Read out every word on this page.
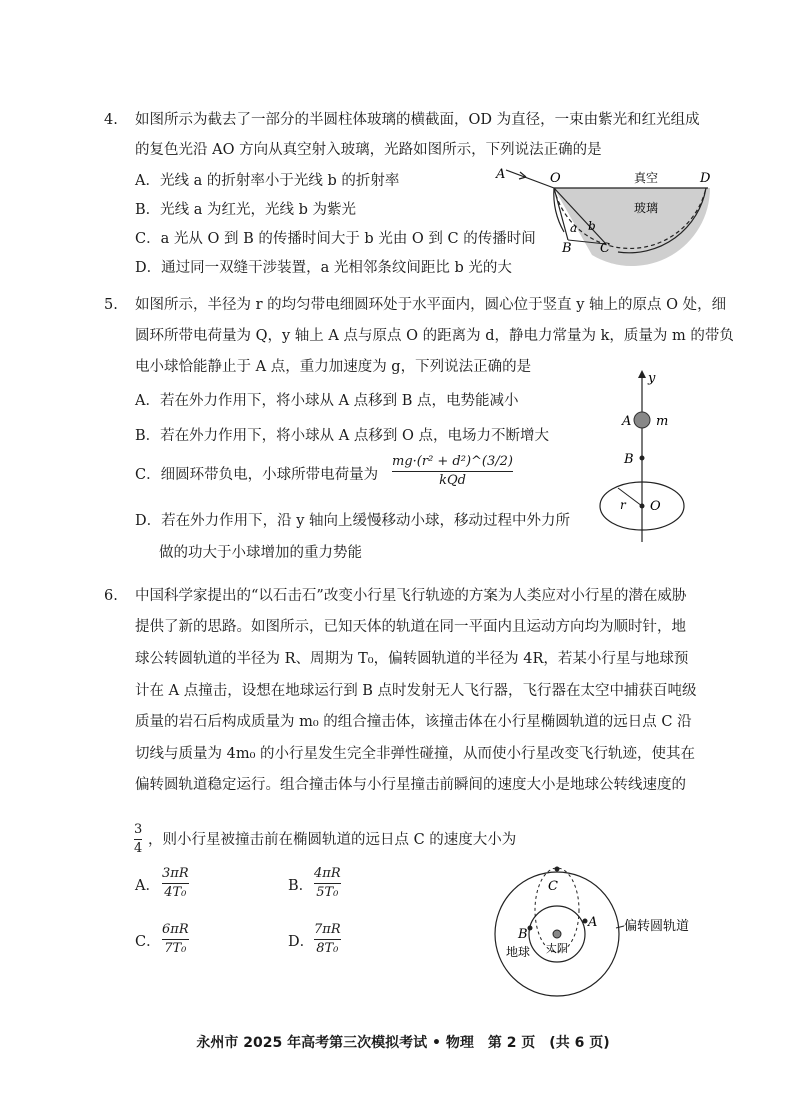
4. 如图所示为截去了一部分的半圆柱体玻璃的横截面，OD 为直径，一束由紫光和红光组成
的复色光沿 AO 方向从真空射入玻璃，光路如图所示，下列说法正确的是
A．光线 a 的折射率小于光线 b 的折射率
B．光线 a 为红光，光线 b 为紫光
C．a 光从 O 到 B 的传播时间大于 b 光由 O 到 C 的传播时间
D．通过同一双缝干涉装置，a 光相邻条纹间距比 b 光的大
A	O	D
真空
玻璃
a b
B C
5. 如图所示，半径为 r 的均匀带电细圆环处于水平面内，圆心位于竖直 y 轴上的原点 O 处，细
圆环所带电荷量为 Q，y 轴上 A 点与原点 O 的距离为 d，静电力常量为 k，质量为 m 的带负
电小球恰能静止于 A 点，重力加速度为 g，下列说法正确的是
A．若在外力作用下，将小球从 A 点移到 B 点，电势能减小
B．若在外力作用下，将小球从 A 点移到 O 点，电场力不断增大
C．细圆环带负电，小球所带电荷量为
mg·(r² + d²)^(3/2)
kQd
D．若在外力作用下，沿 y 轴向上缓慢移动小球，移动过程中外力所
做的功大于小球增加的重力势能
y
A m
B
r O
6. 中国科学家提出的“以石击石”改变小行星飞行轨迹的方案为人类应对小行星的潜在威胁
提供了新的思路。如图所示，已知天体的轨道在同一平面内且运动方向均为顺时针，地
球公转圆轨道的半径为 R、周期为 T₀，偏转圆轨道的半径为 4R，若某小行星与地球预
计在 A 点撞击，设想在地球运行到 B 点时发射无人飞行器，飞行器在太空中捕获百吨级
质量的岩石后构成质量为 m₀ 的组合撞击体，该撞击体在小行星椭圆轨道的远日点 C 沿
切线与质量为 4m₀ 的小行星发生完全非弹性碰撞，从而使小行星改变飞行轨迹，使其在
偏转圆轨道稳定运行。组合撞击体与小行星撞击前瞬间的速度大小是地球公转线速度的
3
4
，则小行星被撞击前在椭圆轨道的远日点 C 的速度大小为
A．
3πR
4T₀	B．
4πR
5T₀
C．
6πR
7T₀	D．
7πR
8T₀
C
A
B
太阳
地球
偏转圆轨道
永州市 2025 年高考第三次模拟考试 • 物理　第 2 页　(共 6 页)
